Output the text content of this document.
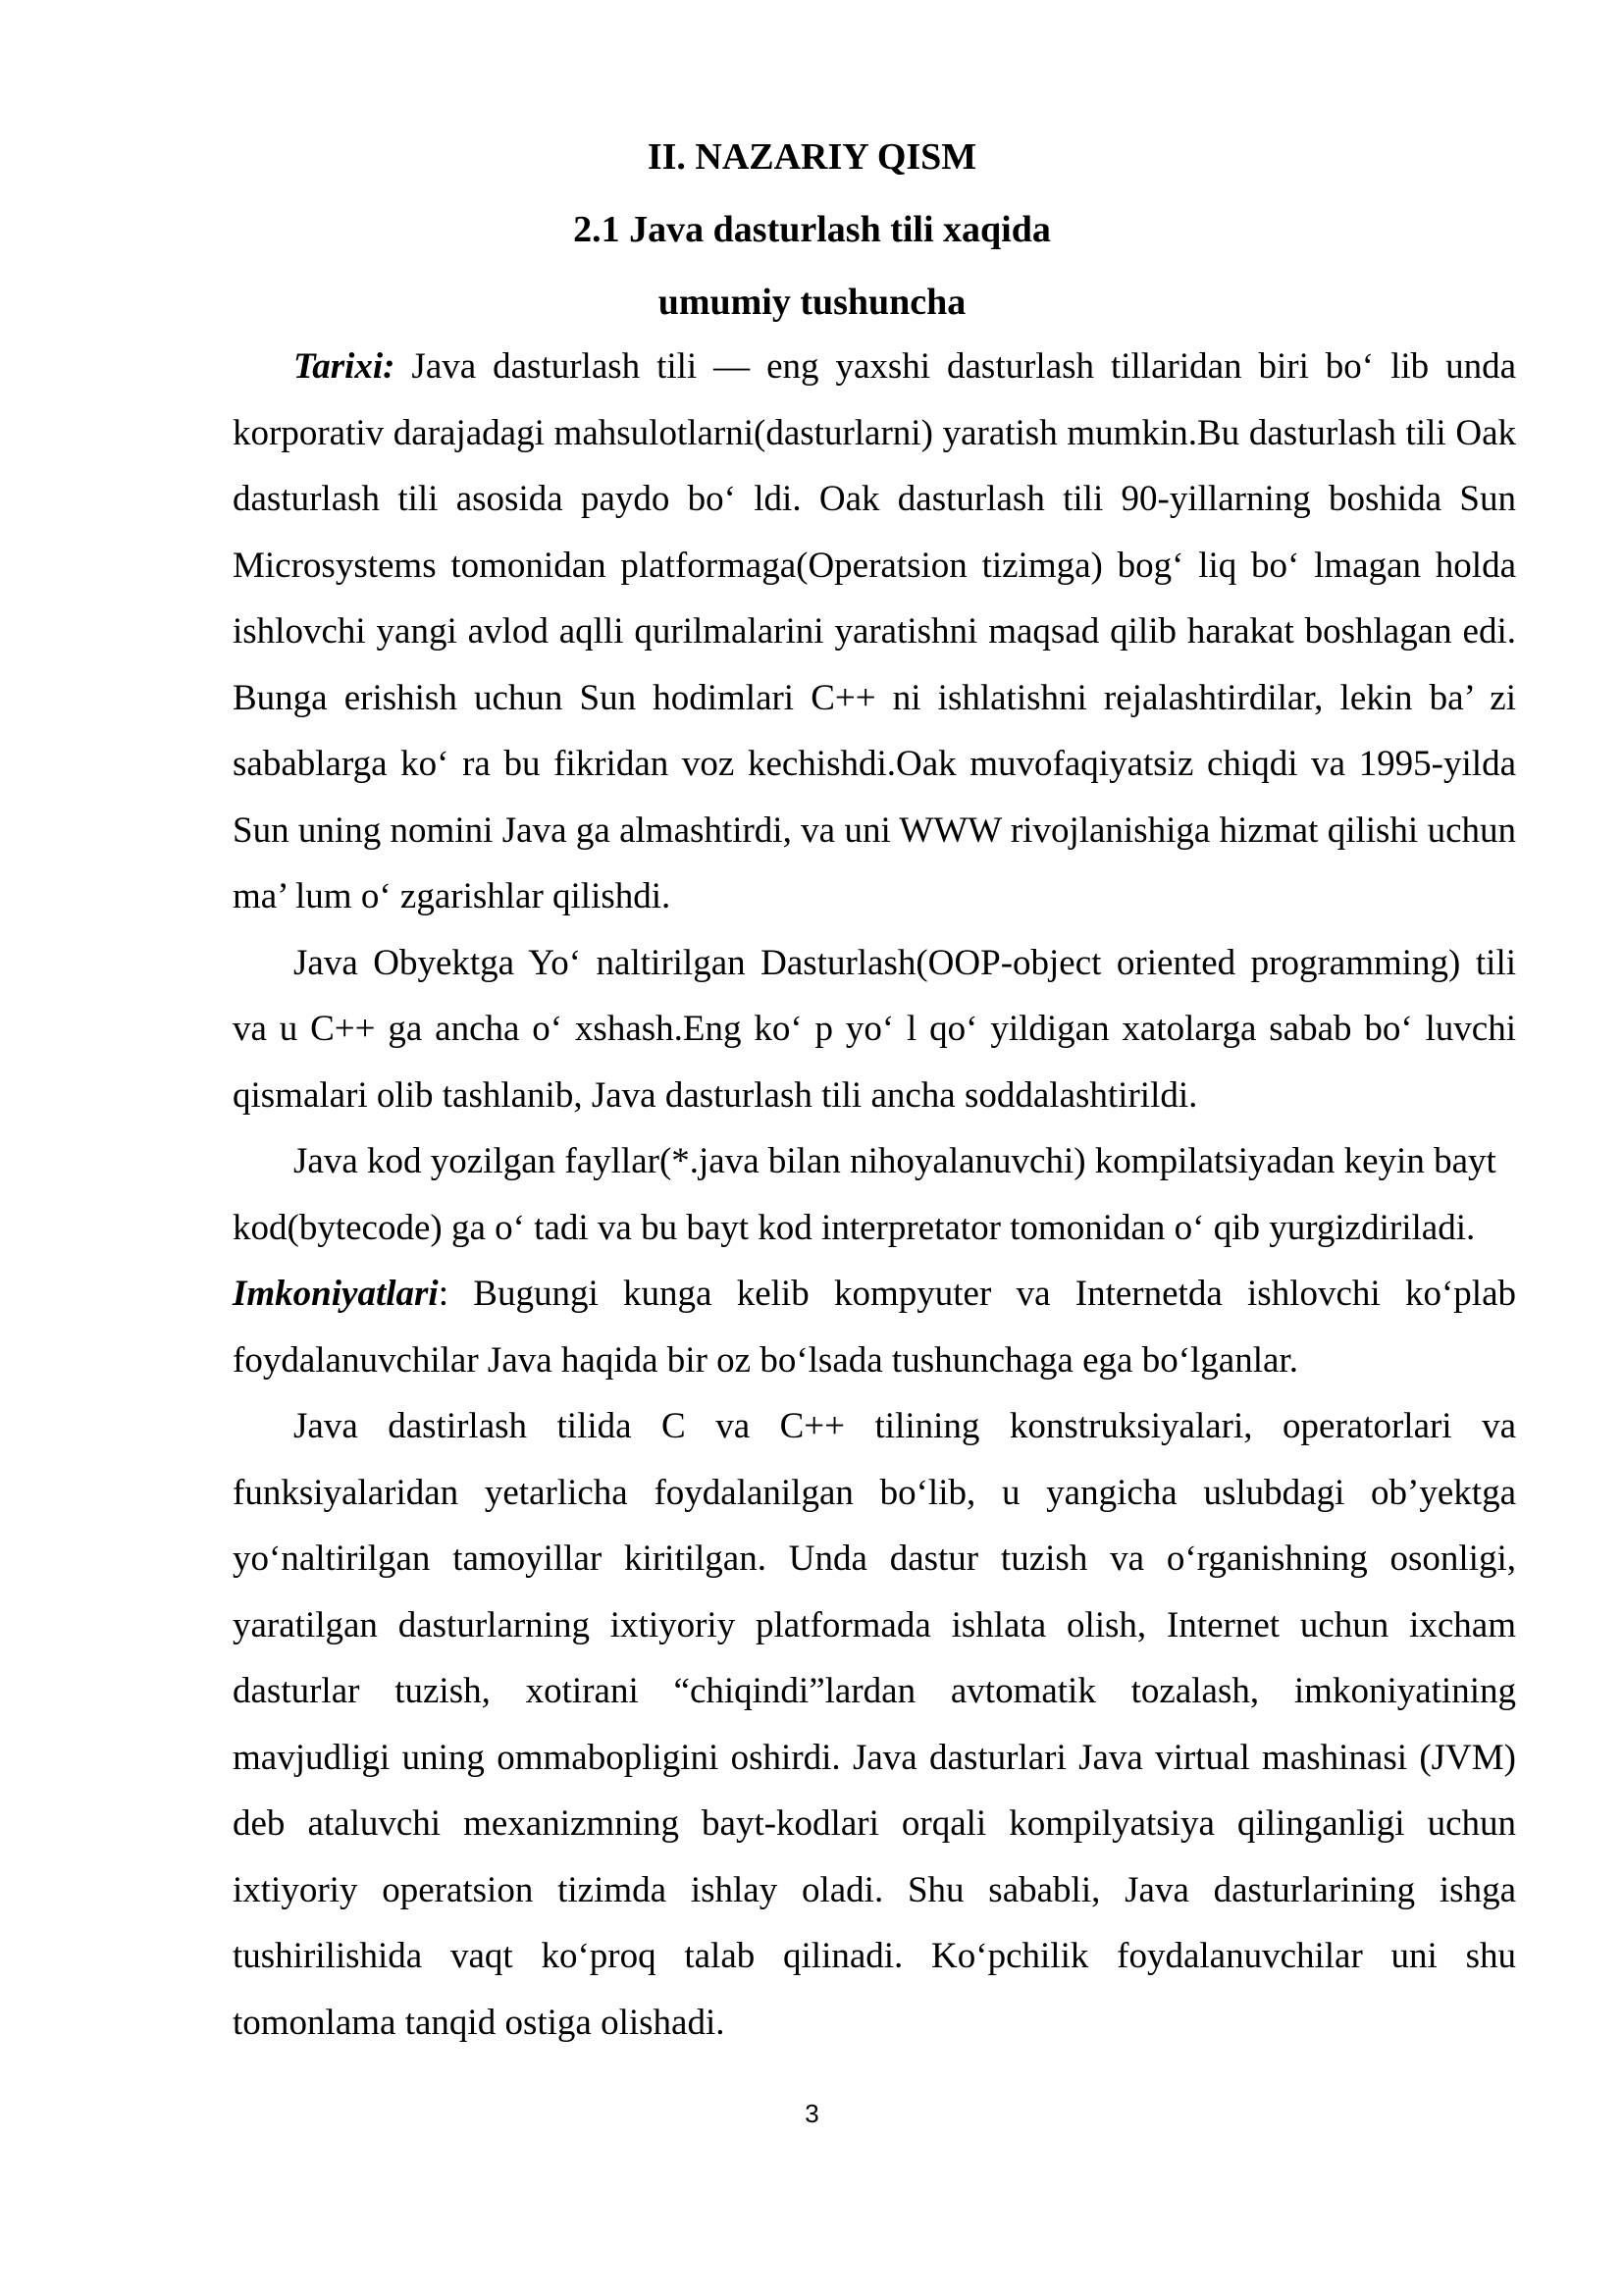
II. NAZARIY QISM
2.1 Java dasturlash tili xaqida
umumiy tushuncha

Tarixi: Java dasturlash tili — eng yaxshi dasturlash tillaridan biri bo‘ lib unda korporativ darajadagi mahsulotlarni(dasturlarni) yaratish mumkin.Bu dasturlash tili Oak dasturlash tili asosida paydo bo‘ ldi. Oak dasturlash tili 90-yillarning boshida Sun Microsystems tomonidan platformaga(Operatsion tizimga) bog‘ liq bo‘ lmagan holda ishlovchi yangi avlod aqlli qurilmalarini yaratishni maqsad qilib harakat boshlagan edi. Bunga erishish uchun Sun hodimlari C++ ni ishlatishni rejalashtirdilar, lekin ba’ zi sabablarga ko‘ ra bu fikridan voz kechishdi.Oak muvofaqiyatsiz chiqdi va 1995-yilda Sun uning nomini Java ga almashtirdi, va uni WWW rivojlanishiga hizmat qilishi uchun ma’ lum o‘ zgarishlar qilishdi.

Java Obyektga Yo‘ naltirilgan Dasturlash(OOP-object oriented programming) tili va u C++ ga ancha o‘ xshash.Eng ko‘ p yo‘ l qo‘ yildigan xatolarga sabab bo‘ luvchi qismalari olib tashlanib, Java dasturlash tili ancha soddalashtirildi.

Java kod yozilgan fayllar(*.java bilan nihoyalanuvchi) kompilatsiyadan keyin bayt kod(bytecode) ga o‘ tadi va bu bayt kod interpretator tomonidan o‘ qib yurgizdiriladi.

Imkoniyatlari: Bugungi kunga kelib kompyuter va Internetda ishlovchi ko‘plab foydalanuvchilar Java haqida bir oz bo‘lsada tushunchaga ega bo‘lganlar.

Java dastirlash tilida C va C++ tilining konstruksiyalari, operatorlari va funksiyalaridan yetarlicha foydalanilgan bo‘lib, u yangicha uslubdagi ob’yektga yo‘naltirilgan tamoyillar kiritilgan. Unda dastur tuzish va o‘rganishning osonligi, yaratilgan dasturlarning ixtiyoriy platformada ishlata olish, Internet uchun ixcham dasturlar tuzish, xotirani “chiqindi”lardan avtomatik tozalash, imkoniyatining mavjudligi uning ommabopligini oshirdi. Java dasturlari Java virtual mashinasi (JVM) deb ataluvchi mexanizmning bayt-kodlari orqali kompilyatsiya qilinganligi uchun ixtiyoriy operatsion tizimda ishlay oladi. Shu sababli, Java dasturlarining ishga tushirilishida vaqt ko‘proq talab qilinadi. Ko‘pchilik foydalanuvchilar uni shu tomonlama tanqid ostiga olishadi.

3
